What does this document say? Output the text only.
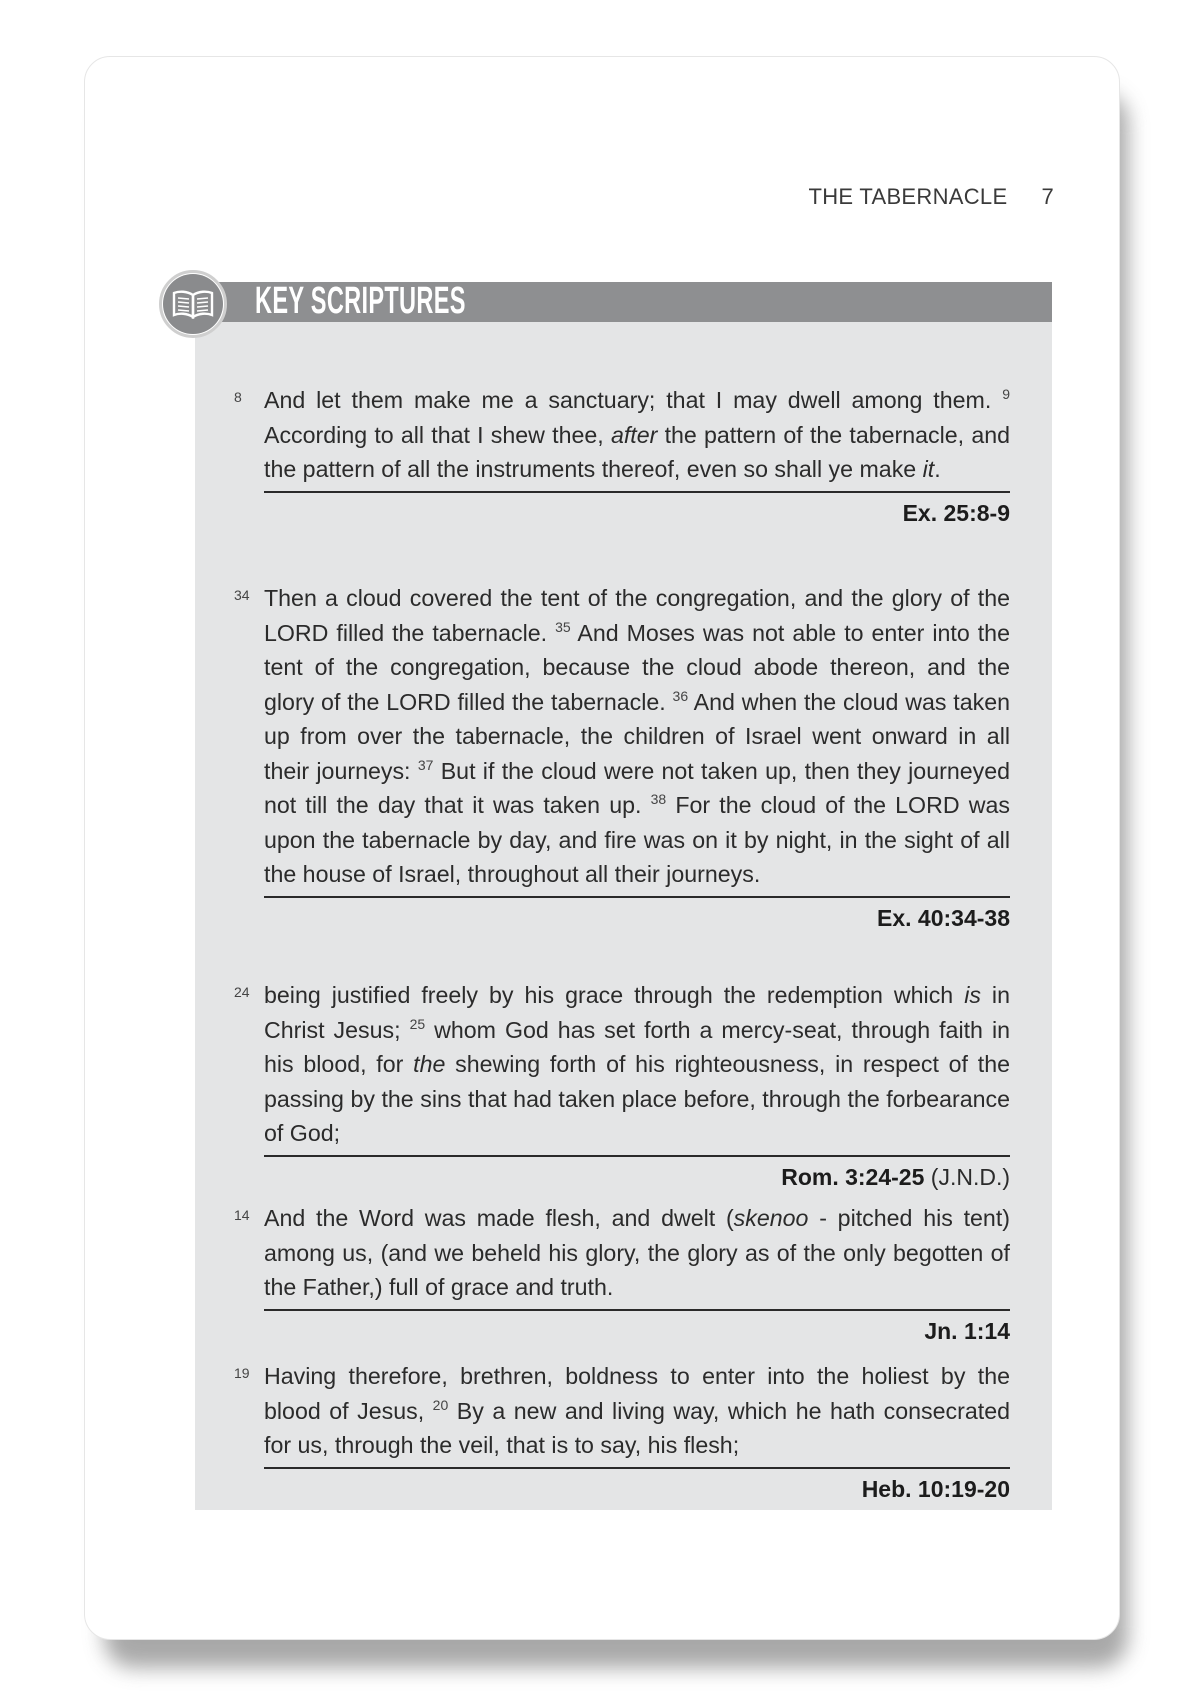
THE TABERNACLE 7
KEY SCRIPTURES
8 And let them make me a sanctuary; that I may dwell among them. $^9$ According to all that I shew thee, after the pattern of the tabernacle, and the pattern of all the instruments thereof, even so shall ye make it.
Ex. 25:8-9
34 Then a cloud covered the tent of the congregation, and the glory of the LORD filled the tabernacle. $^{35}$ And Moses was not able to enter into the tent of the congregation, because the cloud abode thereon, and the glory of the LORD filled the tabernacle. $^{36}$ And when the cloud was taken up from over the tabernacle, the children of Israel went onward in all their journeys: $^{37}$ But if the cloud were not taken up, then they journeyed not till the day that it was taken up. $^{38}$ For the cloud of the LORD was upon the tabernacle by day, and fire was on it by night, in the sight of all the house of Israel, throughout all their journeys.
Ex. 40:34-38
24 being justified freely by his grace through the redemption which is in Christ Jesus; $^{25}$ whom God has set forth a mercy-seat, through faith in his blood, for the shewing forth of his righteousness, in respect of the passing by the sins that had taken place before, through the forbearance of God;
Rom. 3:24-25 (J.N.D.)
14 And the Word was made flesh, and dwelt (skenoo - pitched his tent) among us, (and we beheld his glory, the glory as of the only begotten of the Father,) full of grace and truth.
Jn. 1:14
19 Having therefore, brethren, boldness to enter into the holiest by the blood of Jesus, $^{20}$ By a new and living way, which he hath consecrated for us, through the veil, that is to say, his flesh;
Heb. 10:19-20
